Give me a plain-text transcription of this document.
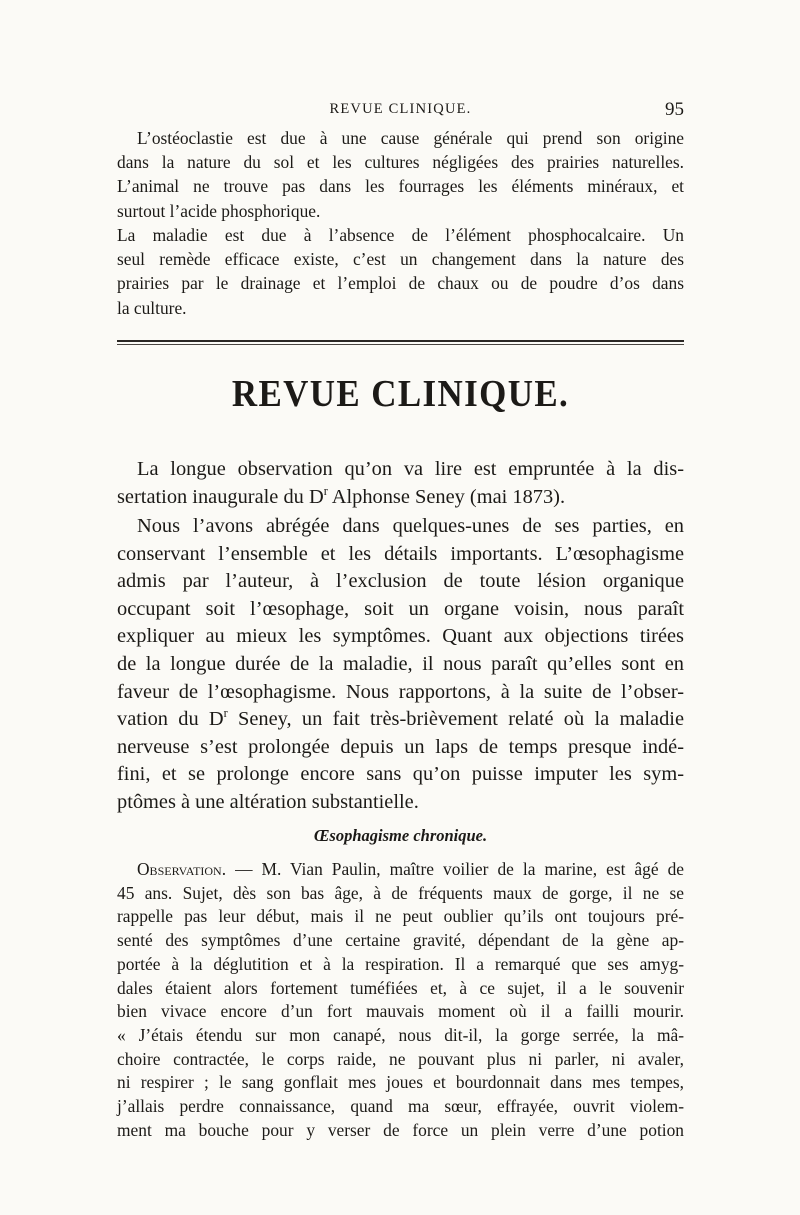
REVUE CLINIQUE.	95

L’ostéoclastie est due à une cause générale qui prend son origine
dans la nature du sol et les cultures négligées des prairies naturelles.
L’animal ne trouve pas dans les fourrages les éléments minéraux, et
surtout l’acide phosphorique.

La maladie est due à l’absence de l’élément phosphocalcaire. Un
seul remède efficace existe, c’est un changement dans la nature des
prairies par le drainage et l’emploi de chaux ou de poudre d’os dans
la culture.

REVUE CLINIQUE.

La longue observation qu’on va lire est empruntée à la dis-
sertation inaugurale du $D^r$ Alphonse Seney (mai 1873).

Nous l’avons abrégée dans quelques-unes de ses parties, en
conservant l’ensemble et les détails importants. L’œsophagisme
admis par l’auteur, à l’exclusion de toute lésion organique
occupant soit l’œsophage, soit un organe voisin, nous paraît
expliquer au mieux les symptômes. Quant aux objections tirées
de la longue durée de la maladie, il nous paraît qu’elles sont en
faveur de l’œsophagisme. Nous rapportons, à la suite de l’obser-
vation du $D^r$ Seney, un fait très-brièvement relaté où la maladie
nerveuse s’est prolongée depuis un laps de temps presque indé-
fini, et se prolonge encore sans qu’on puisse imputer les sym-
ptômes à une altération substantielle.

Œsophagisme chronique.

Observation. — M. Vian Paulin, maître voilier de la marine, est âgé de
45 ans. Sujet, dès son bas âge, à de fréquents maux de gorge, il ne se
rappelle pas leur début, mais il ne peut oublier qu’ils ont toujours pré-
senté des symptômes d’une certaine gravité, dépendant de la gène ap-
portée à la déglutition et à la respiration. Il a remarqué que ses amyg-
dales étaient alors fortement tuméfiées et, à ce sujet, il a le souvenir
bien vivace encore d’un fort mauvais moment où il a failli mourir.
« J’étais étendu sur mon canapé, nous dit-il, la gorge serrée, la mâ-
choire contractée, le corps raide, ne pouvant plus ni parler, ni avaler,
ni respirer ; le sang gonflait mes joues et bourdonnait dans mes tempes,
j’allais perdre connaissance, quand ma sœur, effrayée, ouvrit violem-
ment ma bouche pour y verser de force un plein verre d’une potion
